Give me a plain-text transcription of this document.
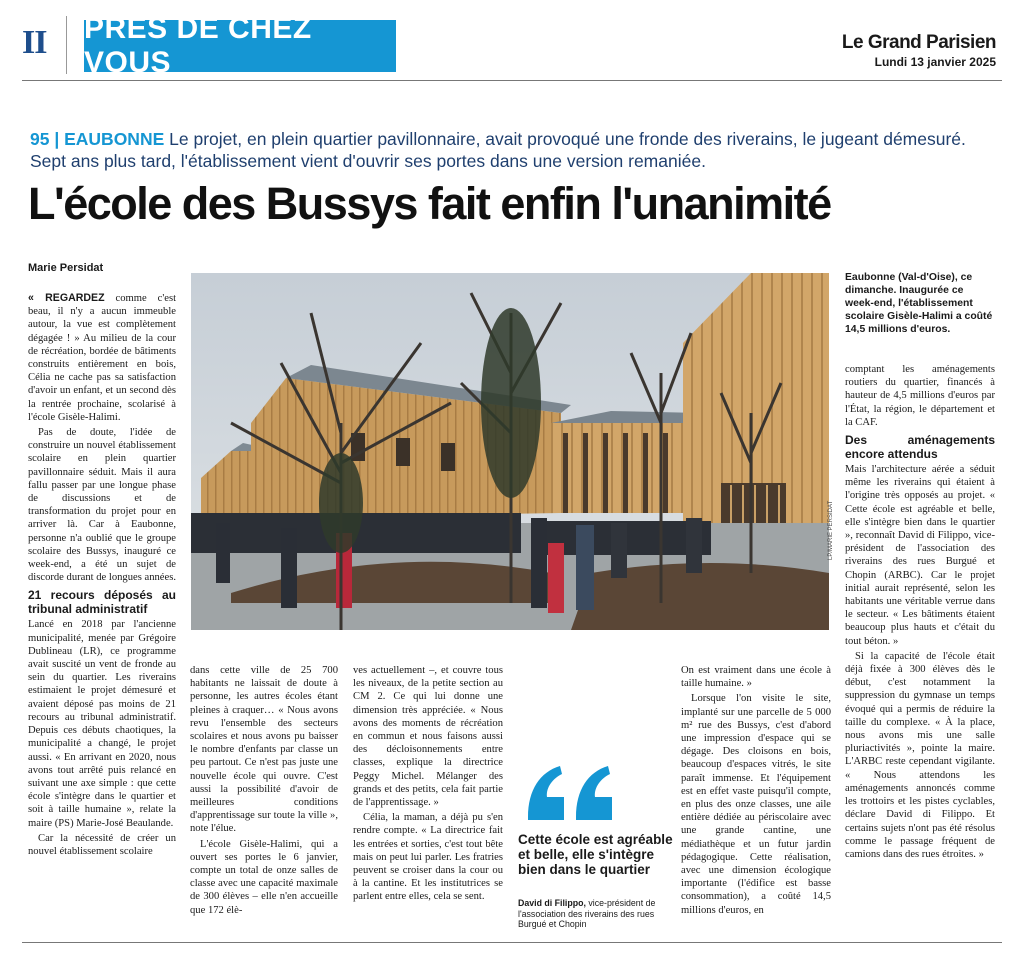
II PRÈS DE CHEZ VOUS
Le Grand Parisien
Lundi 13 janvier 2025
95 | EAUBONNE Le projet, en plein quartier pavillonnaire, avait provoqué une fronde des riverains, le jugeant démesuré. Sept ans plus tard, l'établissement vient d'ouvrir ses portes dans une version remaniée.
L'école des Bussys fait enfin l'unanimité
Marie Persidat

« REGARDEZ comme c'est beau, il n'y a aucun immeuble autour, la vue est complètement dégagée ! » Au milieu de la cour de récréation, bordée de bâtiments construits entièrement en bois, Célia ne cache pas sa satisfaction d'avoir un enfant, et un second dès la rentrée prochaine, scolarisé à l'école Gisèle-Halimi.

Pas de doute, l'idée de construire un nouvel établissement scolaire en plein quartier pavillonnaire séduit. Mais il aura fallu passer par une longue phase de discussions et de transformation du projet pour en arriver là. Car à Eaubonne, personne n'a oublié que le groupe scolaire des Bussys, inauguré ce week-end, a été un sujet de discorde durant de longues années.

21 recours déposés au tribunal administratif

Lancé en 2018 par l'ancienne municipalité, menée par Grégoire Dublineau (LR), ce programme avait suscité un vent de fronde au sein du quartier. Les riverains estimaient le projet démesuré et avaient déposé pas moins de 21 recours au tribunal administratif. Depuis ces débuts chaotiques, la municipalité a changé, le projet aussi. « En arrivant en 2020, nous avons tout arrêté puis relancé en suivant une axe simple : que cette école s'intègre dans le quartier et soit à taille humaine », relate la maire (PS) Marie-José Beaulande.

Car la nécessité de créer un nouvel établissement scolaire

LP/MARIE PERSIDAT
Eaubonne (Val-d'Oise), ce dimanche. Inaugurée ce week-end, l'établissement scolaire Gisèle-Halimi a coûté 14,5 millions d'euros.

dans cette ville de 25 700 habitants ne laissait de doute à personne, les autres écoles étant pleines à craquer… « Nous avons revu l'ensemble des secteurs scolaires et nous avons pu baisser le nombre d'enfants par classe un peu partout. Ce n'est pas juste une nouvelle école qui ouvre. C'est aussi la possibilité d'avoir de meilleures conditions d'apprentissage sur toute la ville », note l'élue.

L'école Gisèle-Halimi, qui a ouvert ses portes le 6 janvier, compte un total de onze salles de classe avec une capacité maximale de 300 élèves – elle n'en accueille que 172 élè-

ves actuellement –, et couvre tous les niveaux, de la petite section au CM 2. Ce qui lui donne une dimension très appréciée. « Nous avons des moments de récréation en commun et nous faisons aussi des décloisonnements entre classes, explique la directrice Peggy Michel. Mélanger des grands et des petits, cela fait partie de l'apprentissage. »

Célia, la maman, a déjà pu s'en rendre compte. « La directrice fait les entrées et sorties, c'est tout bête mais on peut lui parler. Les fratries peuvent se croiser dans la cour ou à la cantine. Et les institutrices se parlent entre elles, cela se sent.

On est vraiment dans une école à taille humaine. »

Lorsque l'on visite le site, implanté sur une parcelle de 5 000 m² rue des Bussys, c'est d'abord une impression d'espace qui se dégage. Des cloisons en bois, beaucoup d'espaces vitrés, le site paraît immense. Et l'équipement est en effet vaste puisqu'il compte, en plus des onze classes, une aile entière dédiée au périscolaire avec une grande cantine, une médiathèque et un futur jardin pédagogique. Cette réalisation, avec une dimension écologique importante (l'édifice est basse consommation), a coûté 14,5 millions d'euros, en

Cette école est agréable et belle, elle s'intègre bien dans le quartier
David di Filippo, vice-président de l'association des riverains des rues Burgué et Chopin

comptant les aménagements routiers du quartier, financés à hauteur de 4,5 millions d'euros par l'État, la région, le département et la CAF.

Des aménagements encore attendus

Mais l'architecture aérée a séduit même les riverains qui étaient à l'origine très opposés au projet. « Cette école est agréable et belle, elle s'intègre bien dans le quartier », reconnaît David di Filippo, vice-président de l'association des riverains des rues Burgué et Chopin (ARBC). Car le projet initial aurait représenté, selon les habitants une véritable verrue dans le secteur. « Les bâtiments étaient beaucoup plus hauts et c'était du tout béton. »

Si la capacité de l'école était déjà fixée à 300 élèves dès le début, c'est notamment la suppression du gymnase un temps évoqué qui a permis de réduire la taille du complexe. « À la place, nous avons mis une salle pluriactivités », pointe la maire. L'ARBC reste cependant vigilante. « Nous attendons les aménagements annoncés comme les trottoirs et les pistes cyclables, déclare David di Filippo. Et certains sujets n'ont pas été résolus comme le passage fréquent de camions dans des rues étroites. »
